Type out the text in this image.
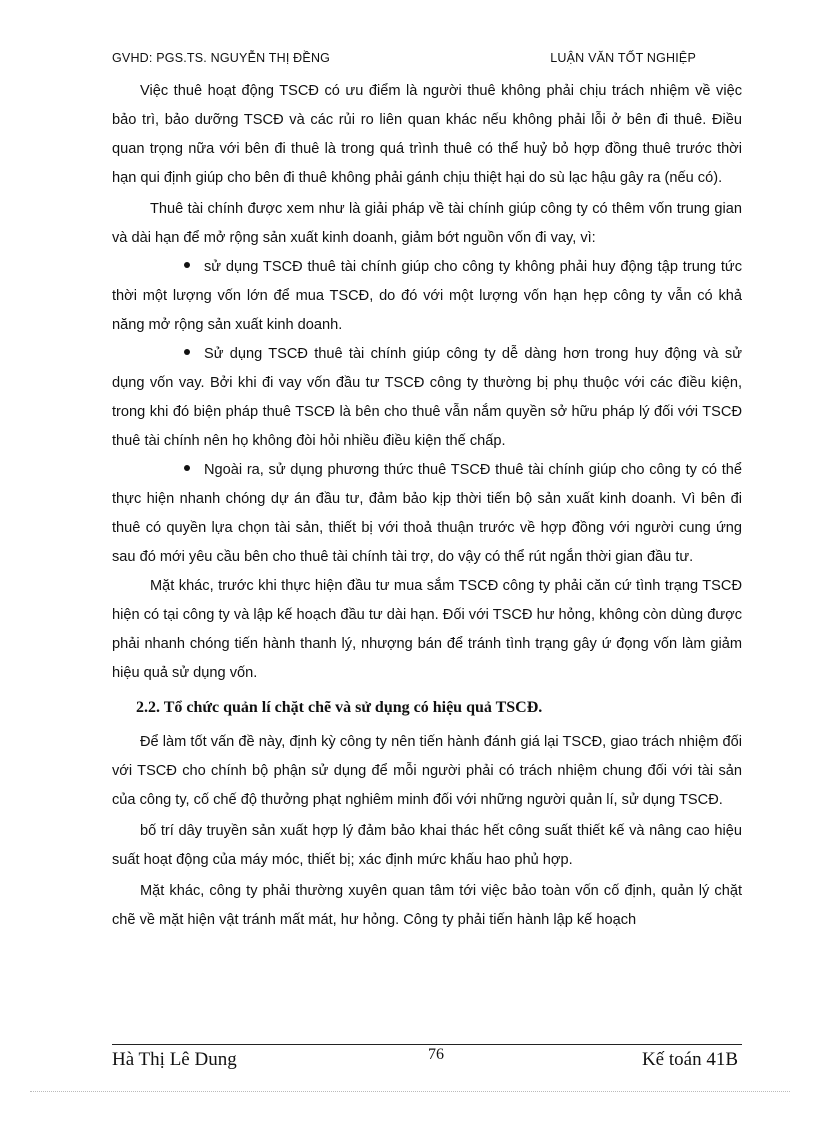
GVHD: PGS.TS. NGUYỄN THỊ ĐỀNG	LUẬN VĂN TỐT NGHIỆP

Việc thuê hoạt động TSCĐ có ưu điểm là người thuê không phải chịu trách nhiệm về việc bảo trì, bảo dưỡng TSCĐ và các rủi ro liên quan khác nếu không phải lỗi ở bên đi thuê. Điều quan trọng nữa với bên đi thuê là trong quá trình thuê có thể huỷ bỏ hợp đồng thuê trước thời hạn qui định giúp cho bên đi thuê không phải gánh chịu thiệt hại do sù lạc hậu gây ra (nếu có).

Thuê tài chính được xem như là giải pháp về tài chính giúp công ty có thêm vốn trung gian và dài hạn để mở rộng sản xuất kinh doanh, giảm bớt nguồn vốn đi vay, vì:

sử dụng TSCĐ thuê tài chính giúp cho công ty không phải huy động tập trung tức thời một lượng vốn lớn để mua TSCĐ, do đó với một lượng vốn hạn hẹp công ty vẫn có khả năng mở rộng sản xuất kinh doanh.

Sử dụng TSCĐ thuê tài chính giúp công ty dễ dàng hơn trong huy động và sử dụng vốn vay. Bởi khi đi vay vốn đầu tư TSCĐ công ty thường bị phụ thuộc với các điều kiện, trong khi đó biện pháp thuê TSCĐ là bên cho thuê vẫn nắm quyền sở hữu pháp lý đối với TSCĐ thuê tài chính nên họ không đòi hỏi nhiều điều kiện thế chấp.

Ngoài ra, sử dụng phương thức thuê TSCĐ thuê tài chính giúp cho công ty có thể thực hiện nhanh chóng dự án đầu tư, đảm bảo kịp thời tiến bộ sản xuất kinh doanh. Vì bên đi thuê có quyền lựa chọn tài sản, thiết bị với thoả thuận trước về hợp đồng với người cung ứng sau đó mới yêu cầu bên cho thuê tài chính tài trợ, do vậy có thể rút ngắn thời gian đầu tư.

Mặt khác, trước khi thực hiện đầu tư mua sắm TSCĐ công ty phải căn cứ tình trạng TSCĐ hiện có tại công ty và lập kế hoạch đầu tư dài hạn. Đối với TSCĐ hư hỏng, không còn dùng được phải nhanh chóng tiến hành thanh lý, nhượng bán để tránh tình trạng gây ứ đọng vốn làm giảm hiệu quả sử dụng vốn.

2.2. Tổ chức quản lí chặt chẽ và sử dụng có hiệu quả TSCĐ.

Để làm tốt vấn đề này, định kỳ công ty nên tiến hành đánh giá lại TSCĐ, giao trách nhiệm đối với TSCĐ cho chính bộ phận sử dụng để mỗi người phải có trách nhiệm chung đối với tài sản của công ty, cố chế độ thưởng phạt nghiêm minh đối với những người quản lí, sử dụng TSCĐ.

bố trí dây truyền sản xuất hợp lý đảm bảo khai thác hết công suất thiết kế và nâng cao hiệu suất hoạt động của máy móc, thiết bị; xác định mức khấu hao phủ hợp.

Mặt khác, công ty phải thường xuyên quan tâm tới việc bảo toàn vốn cố định, quản lý chặt chẽ về mặt hiện vật tránh mất mát, hư hỏng. Công ty phải tiến hành lập kế hoạch

Hà Thị Lê Dung	76	Kế toán 41B
